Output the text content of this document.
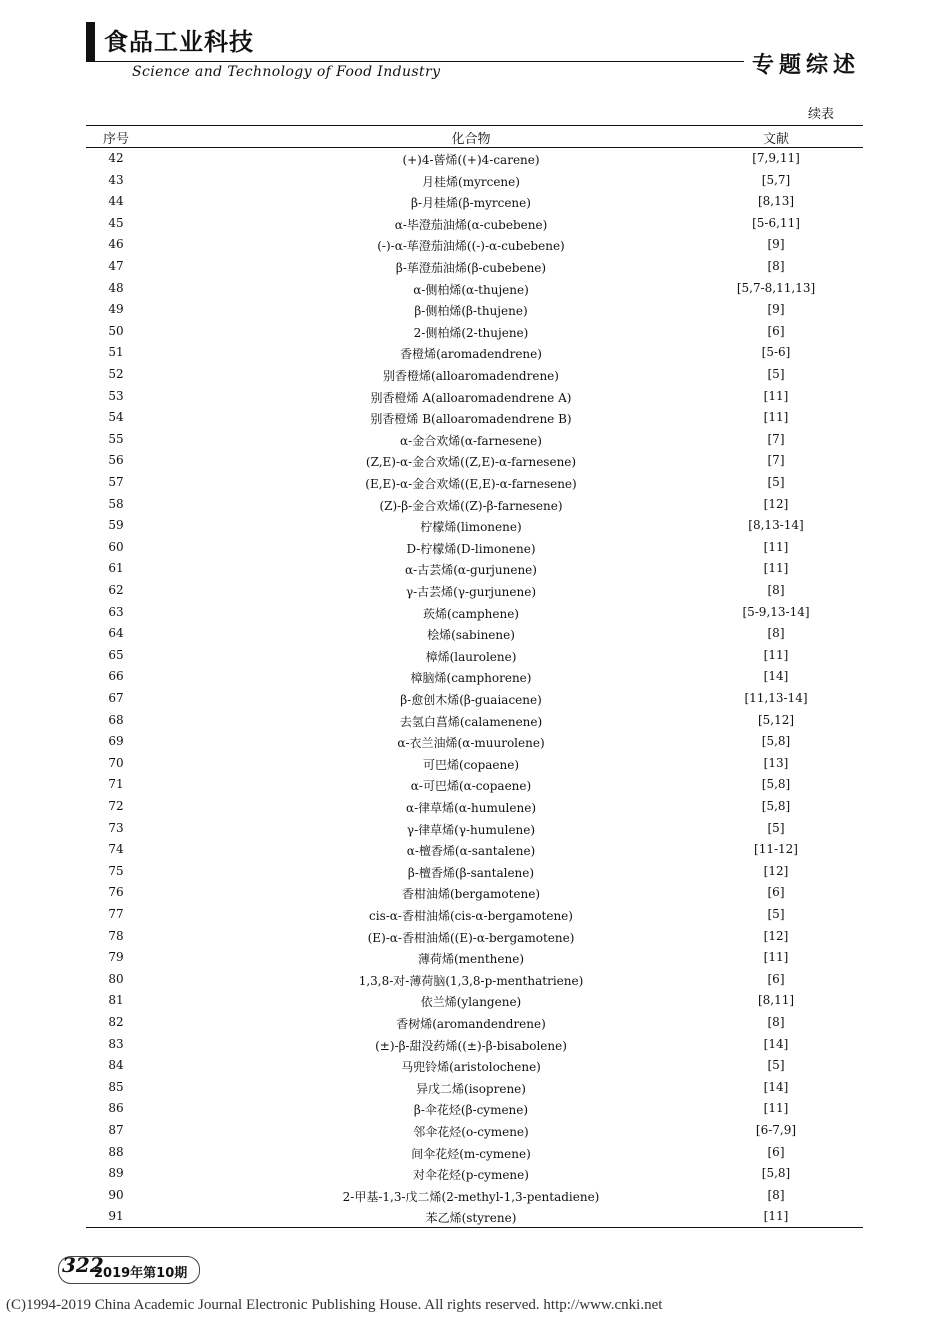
食品工业科技
Science and Technology of Food Industry	专题综述
续表
序号	化合物	文献
42	(+)4-蒈烯((+)4-carene)	[7,9,11]
43	月桂烯(myrcene)	[5,7]
44	β-月桂烯(β-myrcene)	[8,13]
45	α-毕澄茄油烯(α-cubebene)	[5-6,11]
46	(-)-α-荜澄茄油烯((-)-α-cubebene)	[9]
47	β-荜澄茄油烯(β-cubebene)	[8]
48	α-侧柏烯(α-thujene)	[5,7-8,11,13]
49	β-侧柏烯(β-thujene)	[9]
50	2-侧柏烯(2-thujene)	[6]
51	香橙烯(aromadendrene)	[5-6]
52	别香橙烯(alloaromadendrene)	[5]
53	别香橙烯 A(alloaromadendrene A)	[11]
54	别香橙烯 B(alloaromadendrene B)	[11]
55	α-金合欢烯(α-farnesene)	[7]
56	(Z,E)-α-金合欢烯((Z,E)-α-farnesene)	[7]
57	(E,E)-α-金合欢烯((E,E)-α-farnesene)	[5]
58	(Z)-β-金合欢烯((Z)-β-farnesene)	[12]
59	柠檬烯(limonene)	[8,13-14]
60	D-柠檬烯(D-limonene)	[11]
61	α-古芸烯(α-gurjunene)	[11]
62	γ-古芸烯(γ-gurjunene)	[8]
63	莰烯(camphene)	[5-9,13-14]
64	桧烯(sabinene)	[8]
65	樟烯(laurolene)	[11]
66	樟脑烯(camphorene)	[14]
67	β-愈创木烯(β-guaiacene)	[11,13-14]
68	去氢白菖烯(calamenene)	[5,12]
69	α-衣兰油烯(α-muurolene)	[5,8]
70	可巴烯(copaene)	[13]
71	α-可巴烯(α-copaene)	[5,8]
72	α-律草烯(α-humulene)	[5,8]
73	γ-律草烯(γ-humulene)	[5]
74	α-檀香烯(α-santalene)	[11-12]
75	β-檀香烯(β-santalene)	[12]
76	香柑油烯(bergamotene)	[6]
77	cis-α-香柑油烯(cis-α-bergamotene)	[5]
78	(E)-α-香柑油烯((E)-α-bergamotene)	[12]
79	薄荷烯(menthene)	[11]
80	1,3,8-对-薄荷脑(1,3,8-p-menthatriene)	[6]
81	依兰烯(ylangene)	[8,11]
82	香树烯(aromandendrene)	[8]
83	(±)-β-甜没药烯((±)-β-bisabolene)	[14]
84	马兜铃烯(aristolochene)	[5]
85	异戊二烯(isoprene)	[14]
86	β-伞花烃(β-cymene)	[11]
87	邻伞花烃(o-cymene)	[6-7,9]
88	间伞花烃(m-cymene)	[6]
89	对伞花烃(p-cymene)	[5,8]
90	2-甲基-1,3-戊二烯(2-methyl-1,3-pentadiene)	[8]
91	苯乙烯(styrene)	[11]
322
2019年第10期
(C)1994-2019 China Academic Journal Electronic Publishing House. All rights reserved. http://www.cnki.net
